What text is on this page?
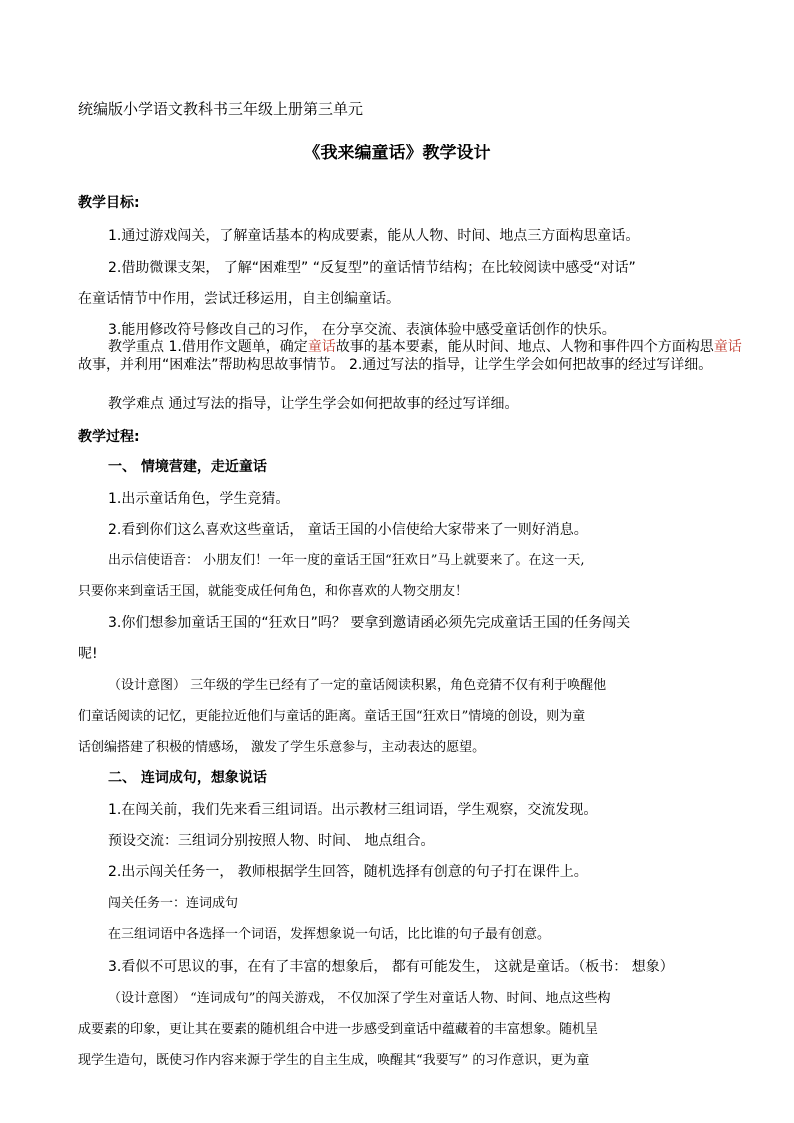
统编版小学语文教科书三年级上册第三单元
《我来编童话》教学设计
教学目标:
1.通过游戏闯关，了解童话基本的构成要素，能从人物、时间、地点三方面构思童话。
2.借助微课支架， 了解“困难型” “反复型”的童话情节结构；在比较阅读中感受“对话”
在童话情节中作用，尝试迁移运用，自主创编童话。
3.能用修改符号修改自己的习作， 在分享交流、表演体验中感受童话创作的快乐。
教学重点 1.借用作文题单，确定童话故事的基本要素，能从时间、地点、人物和事件四个方面构思童话故事，并利用“困难法”帮助构思故事情节。 2.通过写法的指导，让学生学会如何把故事的经过写详细。
教学难点 通过写法的指导，让学生学会如何把故事的经过写详细。
教学过程:
一、 情境营建，走近童话
1.出示童话角色，学生竞猜。
2.看到你们这么喜欢这些童话， 童话王国的小信使给大家带来了一则好消息。
出示信使语音： 小朋友们！一年一度的童话王国“狂欢日”马上就要来了。在这一天,
只要你来到童话王国，就能变成任何角色，和你喜欢的人物交朋友！
3.你们想参加童话王国的“狂欢日”吗？ 要拿到邀请函必须先完成童话王国的任务闯关
呢!
（设计意图） 三年级的学生已经有了一定的童话阅读积累，角色竞猜不仅有利于唤醒他
们童话阅读的记忆，更能拉近他们与童话的距离。童话王国“狂欢日”情境的创设，则为童
话创编搭建了积极的情感场， 激发了学生乐意参与，主动表达的愿望。
二、 连词成句，想象说话
1.在闯关前，我们先来看三组词语。出示教材三组词语，学生观察，交流发现。
预设交流：三组词分别按照人物、时间、 地点组合。
2.出示闯关任务一， 教师根据学生回答，随机选择有创意的句子打在课件上。
闯关任务一：连词成句
在三组词语中各选择一个词语，发挥想象说一句话，比比谁的句子最有创意。
3.看似不可思议的事，在有了丰富的想象后， 都有可能发生， 这就是童话。（板书： 想象）
（设计意图） “连词成句”的闯关游戏， 不仅加深了学生对童话人物、时间、地点这些构
成要素的印象，更让其在要素的随机组合中进一步感受到童话中蕴藏着的丰富想象。随机呈
现学生造句，既使习作内容来源于学生的自主生成，唤醒其“我要写” 的习作意识，更为童
